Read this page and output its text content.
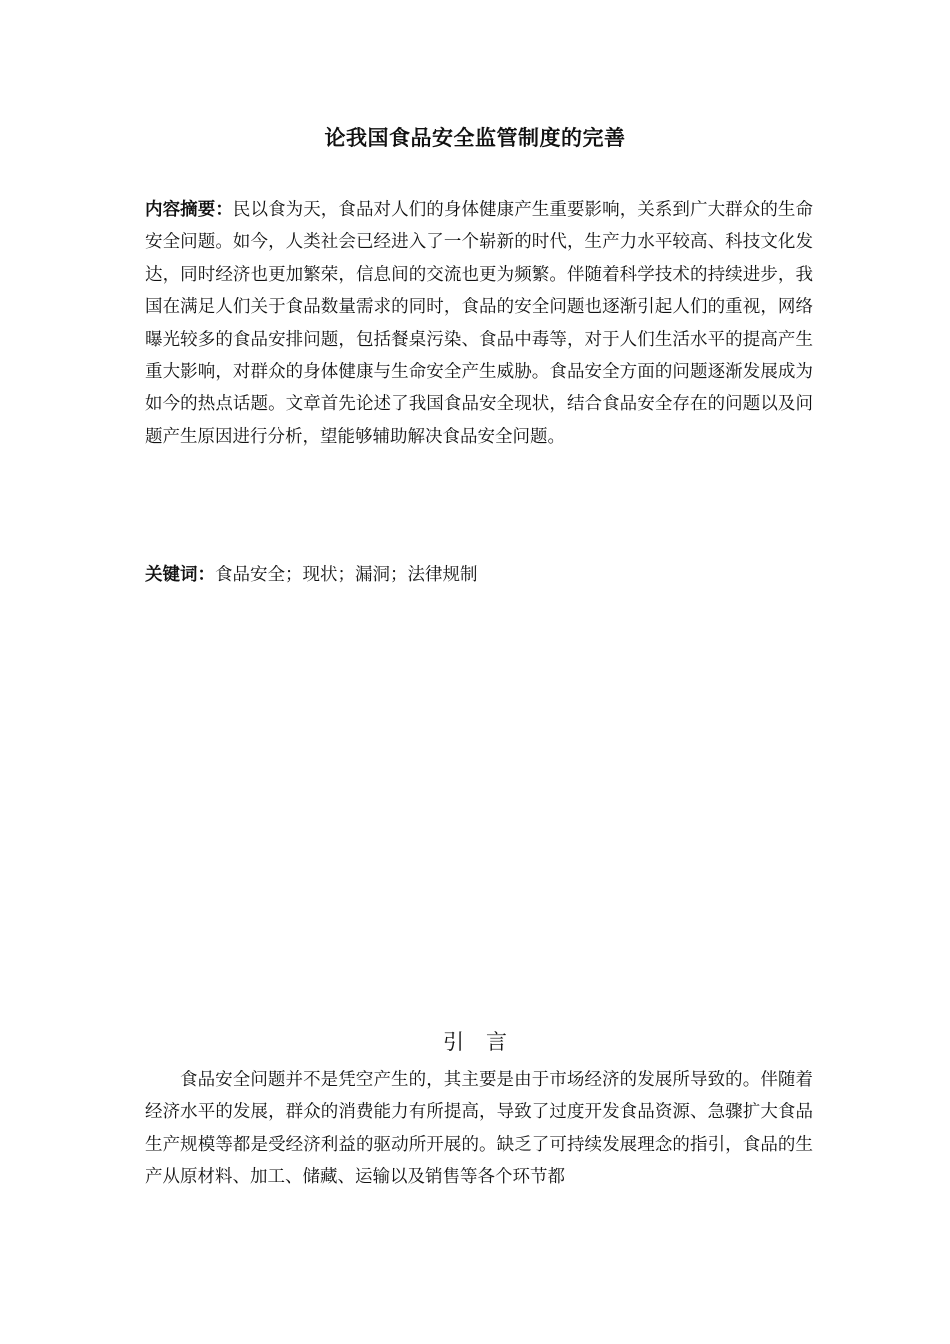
论我国食品安全监管制度的完善
内容摘要：民以食为天，食品对人们的身体健康产生重要影响，关系到广大群众的生命安全问题。如今，人类社会已经进入了一个崭新的时代，生产力水平较高、科技文化发达，同时经济也更加繁荣，信息间的交流也更为频繁。伴随着科学技术的持续进步，我国在满足人们关于食品数量需求的同时，食品的安全问题也逐渐引起人们的重视，网络曝光较多的食品安排问题，包括餐桌污染、食品中毒等，对于人们生活水平的提高产生重大影响，对群众的身体健康与生命安全产生威胁。食品安全方面的问题逐渐发展成为如今的热点话题。文章首先论述了我国食品安全现状，结合食品安全存在的问题以及问题产生原因进行分析，望能够辅助解决食品安全问题。
关键词：食品安全；现状；漏洞；法律规制
引言
食品安全问题并不是凭空产生的，其主要是由于市场经济的发展所导致的。伴随着经济水平的发展，群众的消费能力有所提高，导致了过度开发食品资源、急骤扩大食品生产规模等都是受经济利益的驱动所开展的。缺乏了可持续发展理念的指引，食品的生产从原材料、加工、储藏、运输以及销售等各个环节都
